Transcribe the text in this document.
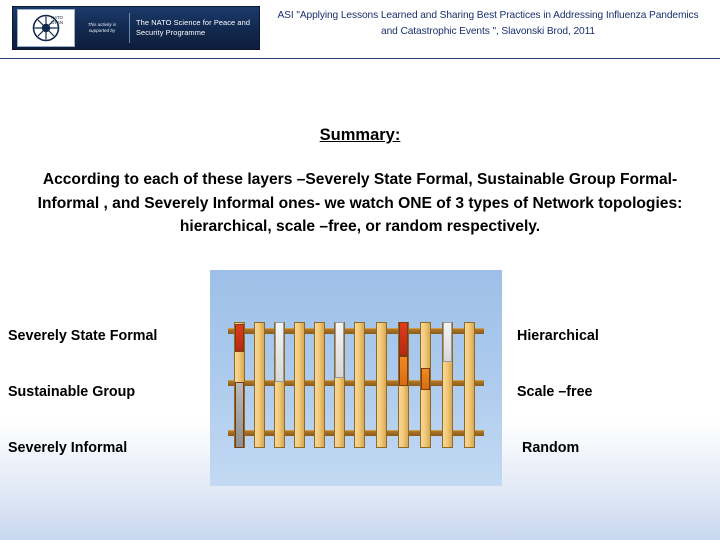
NATO
OTAN	This activity is supported by
The NATO Science for Peace and Security Programme
ASI "Applying Lessons Learned and Sharing Best Practices in Addressing Influenza Pandemics and Catastrophic Events ", Slavonski Brod, 2011
Summary:
According to each of these layers –Severely State Formal, Sustainable Group Formal-Informal , and Severely Informal ones- we watch ONE of 3 types of Network topologies: hierarchical, scale –free, or random respectively.
Severely State Formal
Sustainable Group
Severely Informal
Hierarchical
Scale –free
Random
